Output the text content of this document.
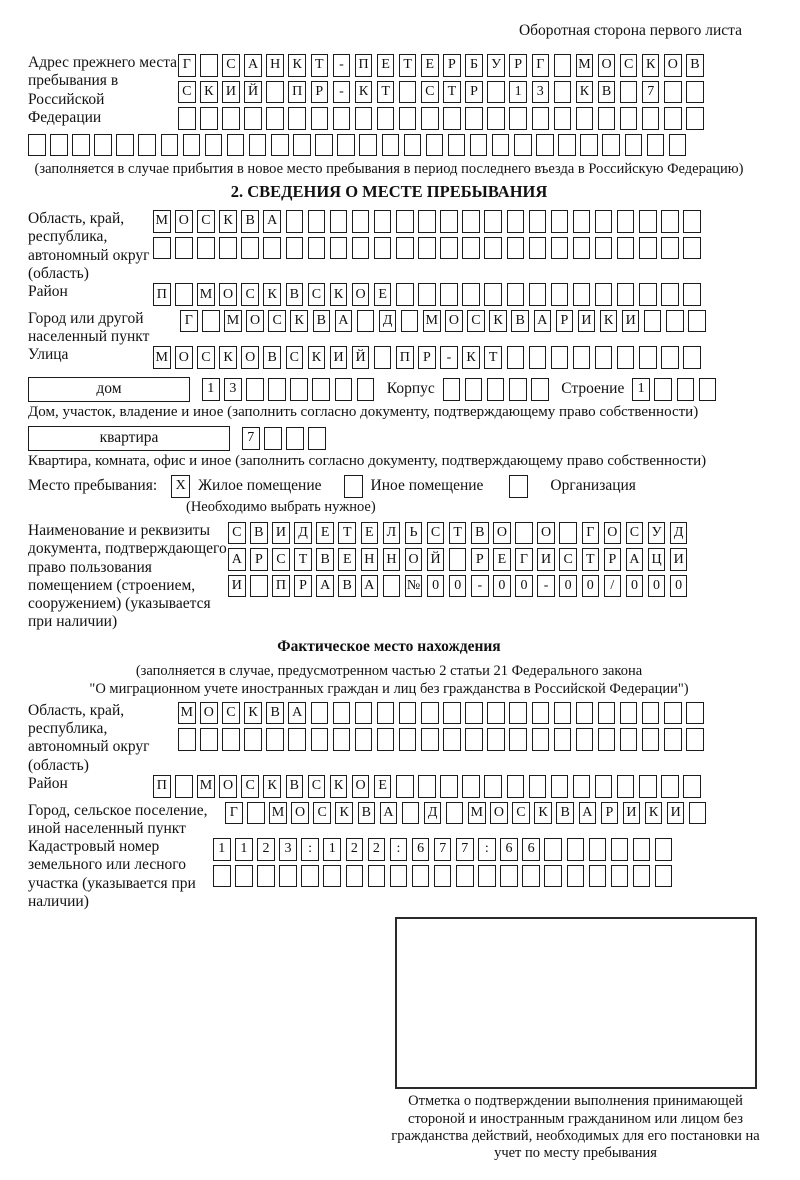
Оборотная сторона первого листа
Адрес прежнего места пребывания в Российской Федерации
Г	С А Н К Т	-	П Е Т Е Р	Б У Р	Г	М О С К О В
С К И Й П Р	-	К Т	С Т Р	1	3	К В	7
(заполняется в случае прибытия в новое место пребывания в период последнего въезда в Российскую Федерацию)
2. СВЕДЕНИЯ О МЕСТЕ ПРЕБЫВАНИЯ
Область, край, республика, автономный округ (область)
М О С К В А
Район	П М О С К В С К О Е
Город или другой населенный пункт
Г	М О С К В А Д М О С К В А Р И К И
Улица	М О С К О В С К И Й П Р	-	К Т
дом	1	3	Корпус	Строение 1
Дом, участок, владение и иное (заполнить согласно документу, подтверждающему право собственности)
квартира	7
Квартира, комната, офис и иное (заполнить согласно документу, подтверждающему право собственности)
Место пребывания:	X Жилое помещение	Иное помещение	Организация
(Необходимо выбрать нужное)
Наименование и реквизиты документа, подтверждающего право пользования помещением (строением, сооружением) (указывается при наличии)
С В И Д Е Т Е Л Ь С Т В О О	Г О С У Д
А Р С Т В Е Н Н О Й	Р Е Г И С Т Р А Ц И
И П Р А В А № 0	0	-	0	0	-	0	0	/	0	0	0
Фактическое место нахождения
(заполняется в случае, предусмотренном частью 2 статьи 21 Федерального закона
"О миграционном учете иностранных граждан и лиц без гражданства в Российской Федерации")
Область, край, республика, автономный округ (область)
М О С К В А
Район	П М О С К В С К О Е
Город, сельское поселение, иной населенный пункт
Г	М О С К В А Д М О С К В А Р И К И
Кадастровый номер земельного или лесного участка (указывается при наличии)
1	1	2	3	:	1	2	2	:	6	7	7	:	6	6
Отметка о подтверждении выполнения принимающей стороной и иностранным гражданином или лицом без гражданства действий, необходимых для его постановки на учет по месту пребывания
